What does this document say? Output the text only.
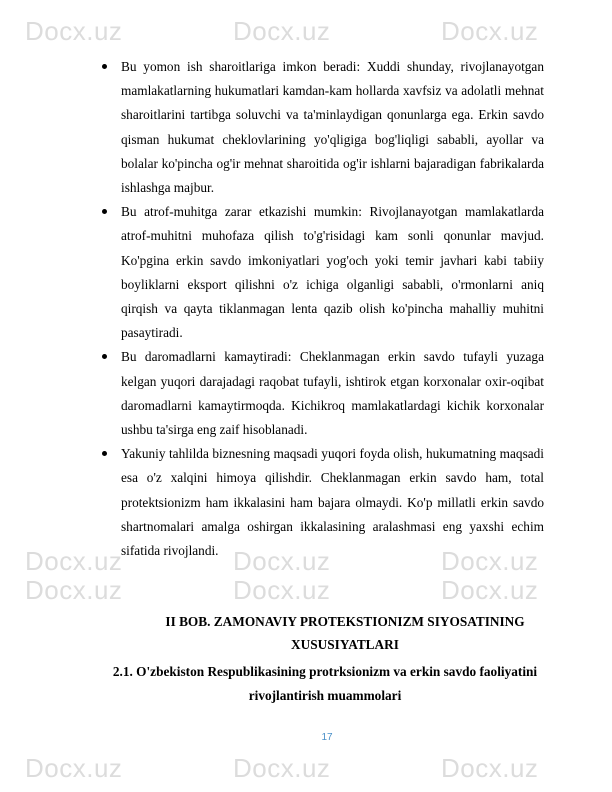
Docx.uz	Docx.uz	Docx.uz
Docx.uz	Docx.uz	Docx.uz
Docx.uz	Docx.uz	Docx.uz
Docx.uz	Docx.uz	Docx.uz
Bu yomon ish sharoitlariga imkon beradi: Xuddi shunday, rivojlanayotgan mamlakatlarning hukumatlari kamdan-kam hollarda xavfsiz va adolatli mehnat sharoitlarini tartibga soluvchi va ta'minlaydigan qonunlarga ega. Erkin savdo qisman hukumat cheklovlarining yo'qligiga bog'liqligi sababli, ayollar va bolalar ko'pincha og'ir mehnat sharoitida og'ir ishlarni bajaradigan fabrikalarda ishlashga majbur.
Bu atrof-muhitga zarar etkazishi mumkin: Rivojlanayotgan mamlakatlarda atrof-muhitni muhofaza qilish to'g'risidagi kam sonli qonunlar mavjud. Ko'pgina erkin savdo imkoniyatlari yog'och yoki temir javhari kabi tabiiy boyliklarni eksport qilishni o'z ichiga olganligi sababli, o'rmonlarni aniq qirqish va qayta tiklanmagan lenta qazib olish ko'pincha mahalliy muhitni pasaytiradi.
Bu daromadlarni kamaytiradi: Cheklanmagan erkin savdo tufayli yuzaga kelgan yuqori darajadagi raqobat tufayli, ishtirok etgan korxonalar oxir-oqibat daromadlarni kamaytirmoqda. Kichikroq mamlakatlardagi kichik korxonalar ushbu ta'sirga eng zaif hisoblanadi.
Yakuniy tahlilda biznesning maqsadi yuqori foyda olish, hukumatning maqsadi esa o'z xalqini himoya qilishdir. Cheklanmagan erkin savdo ham, total protektsionizm ham ikkalasini ham bajara olmaydi. Ko'p millatli erkin savdo shartnomalari amalga oshirgan ikkalasining aralashmasi eng yaxshi echim sifatida rivojlandi.
II BOB. ZAMONAVIY PROTEKSTIONIZM SIYOSATINING
XUSUSIYATLARI
2.1. O'zbekiston Respublikasining protrksionizm va erkin savdo faoliyatini
rivojlantirish muammolari
17
